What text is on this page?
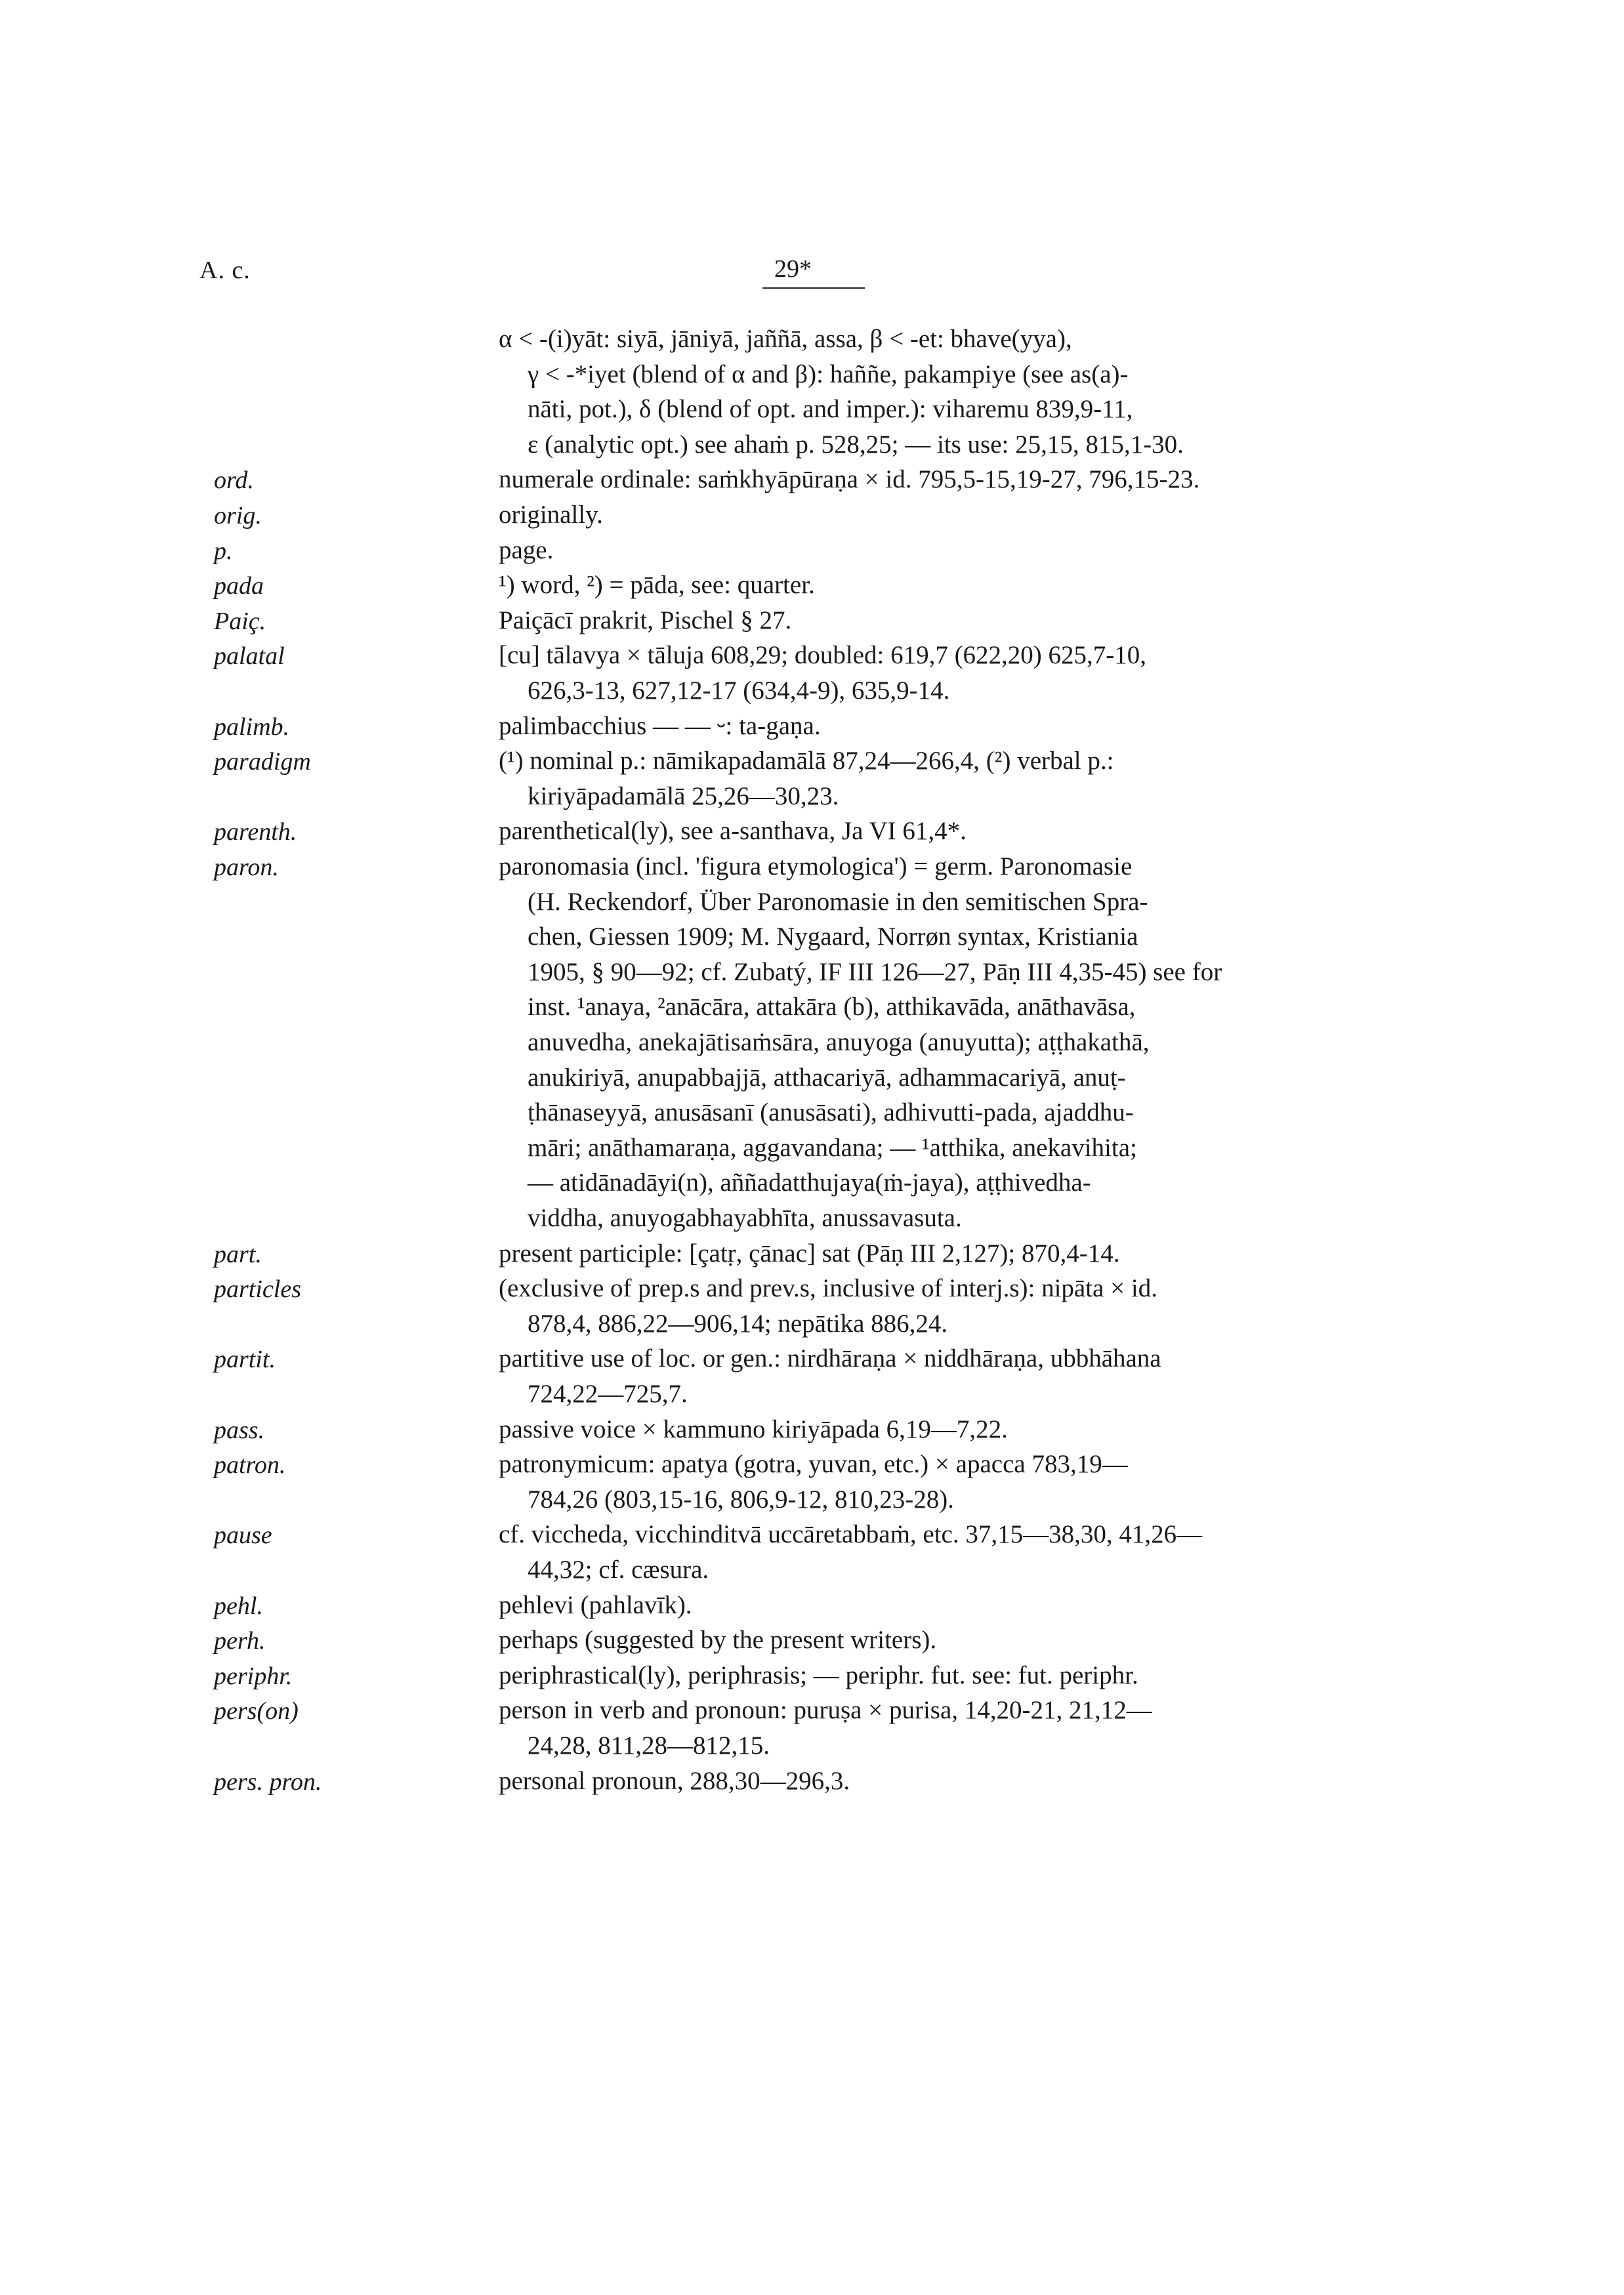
A. c.	29*
α < -(i)yāt: siyā, jāniyā, jaññā, assa, β < -et: bhave(yya),
γ < -*iyet (blend of α and β): haññe, pakampiye (see as(a)-
nāti, pot.), δ (blend of opt. and imper.): viharemu 839,9-11,
ε (analytic opt.) see ahaṁ p. 528,25; — its use: 25,15, 815,1-30.
ord.	numerale ordinale: saṁkhyāpūraṇa × id. 795,5-15,19-27, 796,15-23.
orig.	originally.
p.	page.
pada	¹) word, ²) = pāda, see: quarter.
Paiç.	Paiçācī prakrit, Pischel § 27.
palatal	[cu] tālavya × tāluja 608,29; doubled: 619,7 (622,20) 625,7-10,
626,3-13, 627,12-17 (634,4-9), 635,9-14.
palimb.	palimbacchius — — ⏑: ta-gaṇa.
paradigm	(¹) nominal p.: nāmikapadamālā 87,24—266,4, (²) verbal p.:
kiriyāpadamālā 25,26—30,23.
parenth.	parenthetical(ly), see a-santhava, Ja VI 61,4*.
paron.	paronomasia (incl. 'figura etymologica') = germ. Paronomasie
(H. Reckendorf, Über Paronomasie in den semitischen Spra-
chen, Giessen 1909; M. Nygaard, Norrøn syntax, Kristiania
1905, § 90—92; cf. Zubatý, IF III 126—27, Pāṇ III 4,35-45) see for
inst. ¹anaya, ²anācāra, attakāra (b), atthikavāda, anāthavāsa,
anuvedha, anekajātisaṁsāra, anuyoga (anuyutta); aṭṭhakathā,
anukiriyā, anupabbajjā, atthacariyā, adhammacariyā, anuṭ-
ṭhānaseyyā, anusāsanī (anusāsati), adhivutti-pada, ajaddhu-
māri; anāthamaraṇa, aggavandana; — ¹atthika, anekavihita;
— atidānadāyi(n), aññadatthujaya(ṁ-jaya), aṭṭhivedha-
viddha, anuyogabhayabhīta, anussavasuta.
part.	present participle: [çatṛ, çānac] sat (Pāṇ III 2,127); 870,4-14.
particles	(exclusive of prep.s and prev.s, inclusive of interj.s): nipāta × id.
878,4, 886,22—906,14; nepātika 886,24.
partit.	partitive use of loc. or gen.: nirdhāraṇa × niddhāraṇa, ubbhāhana
724,22—725,7.
pass.	passive voice × kammuno kiriyāpada 6,19—7,22.
patron.	patronymicum: apatya (gotra, yuvan, etc.) × apacca 783,19—
784,26 (803,15-16, 806,9-12, 810,23-28).
pause	cf. viccheda, vicchinditvā uccāretabbaṁ, etc. 37,15—38,30, 41,26—
44,32; cf. cæsura.
pehl.	pehlevi (pahlavīk).
perh.	perhaps (suggested by the present writers).
periphr.	periphrastical(ly), periphrasis; — periphr. fut. see: fut. periphr.
pers(on)	person in verb and pronoun: puruṣa × purisa, 14,20-21, 21,12—
24,28, 811,28—812,15.
pers. pron.	personal pronoun, 288,30—296,3.
